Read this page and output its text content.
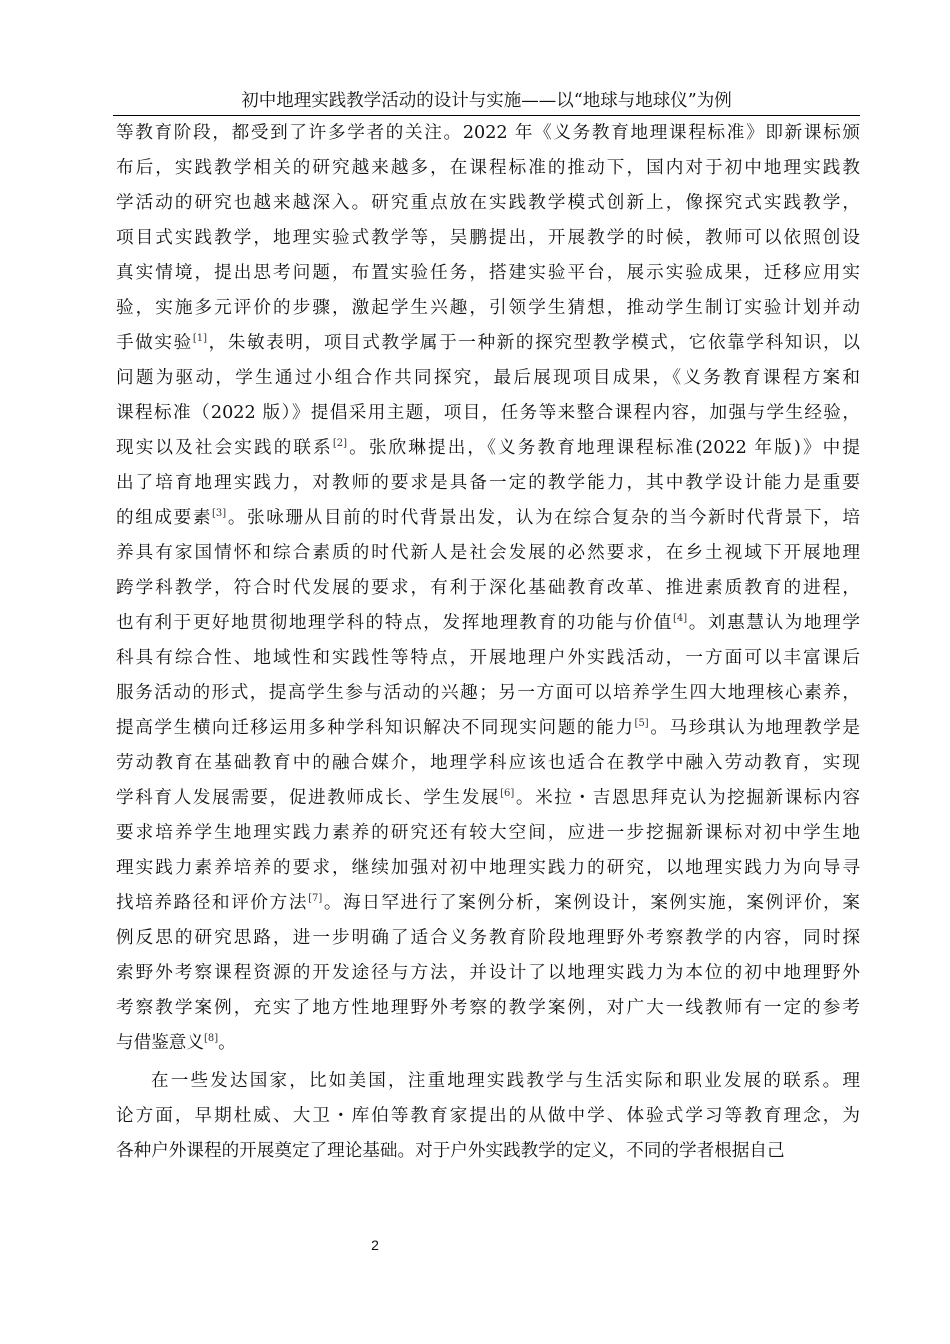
初中地理实践教学活动的设计与实施——以“地球与地球仪”为例
等教育阶段，都受到了许多学者的关注。2022 年《义务教育地理课程标准》即新课标颁
布后，实践教学相关的研究越来越多，在课程标准的推动下，国内对于初中地理实践教
学活动的研究也越来越深入。研究重点放在实践教学模式创新上，像探究式实践教学，
项目式实践教学，地理实验式教学等，吴鹏提出，开展教学的时候，教师可以依照创设
真实情境，提出思考问题，布置实验任务，搭建实验平台，展示实验成果，迁移应用实
验，实施多元评价的步骤，激起学生兴趣，引领学生猜想，推动学生制订实验计划并动
手做实验[1]，朱敏表明，项目式教学属于一种新的探究型教学模式，它依靠学科知识，以
问题为驱动，学生通过小组合作共同探究，最后展现项目成果，《义务教育课程方案和
课程标准（2022 版）》提倡采用主题，项目，任务等来整合课程内容，加强与学生经验，
现实以及社会实践的联系[2]。张欣琳提出，《义务教育地理课程标准(2022 年版)》中提
出了培育地理实践力，对教师的要求是具备一定的教学能力，其中教学设计能力是重要
的组成要素[3]。张咏珊从目前的时代背景出发，认为在综合复杂的当今新时代背景下，培
养具有家国情怀和综合素质的时代新人是社会发展的必然要求，在乡土视域下开展地理
跨学科教学，符合时代发展的要求，有利于深化基础教育改革、推进素质教育的进程，
也有利于更好地贯彻地理学科的特点，发挥地理教育的功能与价值[4]。刘惠慧认为地理学
科具有综合性、地域性和实践性等特点，开展地理户外实践活动，一方面可以丰富课后
服务活动的形式，提高学生参与活动的兴趣；另一方面可以培养学生四大地理核心素养，
提高学生横向迁移运用多种学科知识解决不同现实问题的能力[5]。马珍琪认为地理教学是
劳动教育在基础教育中的融合媒介，地理学科应该也适合在教学中融入劳动教育，实现
学科育人发展需要，促进教师成长、学生发展[6]。米拉・吉恩思拜克认为挖掘新课标内容
要求培养学生地理实践力素养的研究还有较大空间，应进一步挖掘新课标对初中学生地
理实践力素养培养的要求，继续加强对初中地理实践力的研究，以地理实践力为向导寻
找培养路径和评价方法[7]。海日罕进行了案例分析，案例设计，案例实施，案例评价，案
例反思的研究思路，进一步明确了适合义务教育阶段地理野外考察教学的内容，同时探
索野外考察课程资源的开发途径与方法，并设计了以地理实践力为本位的初中地理野外
考察教学案例，充实了地方性地理野外考察的教学案例，对广大一线教师有一定的参考
与借鉴意义[8]。
在一些发达国家，比如美国，注重地理实践教学与生活实际和职业发展的联系。理
论方面，早期杜威、大卫・库伯等教育家提出的从做中学、体验式学习等教育理念，为
各种户外课程的开展奠定了理论基础。对于户外实践教学的定义，不同的学者根据自己
2
